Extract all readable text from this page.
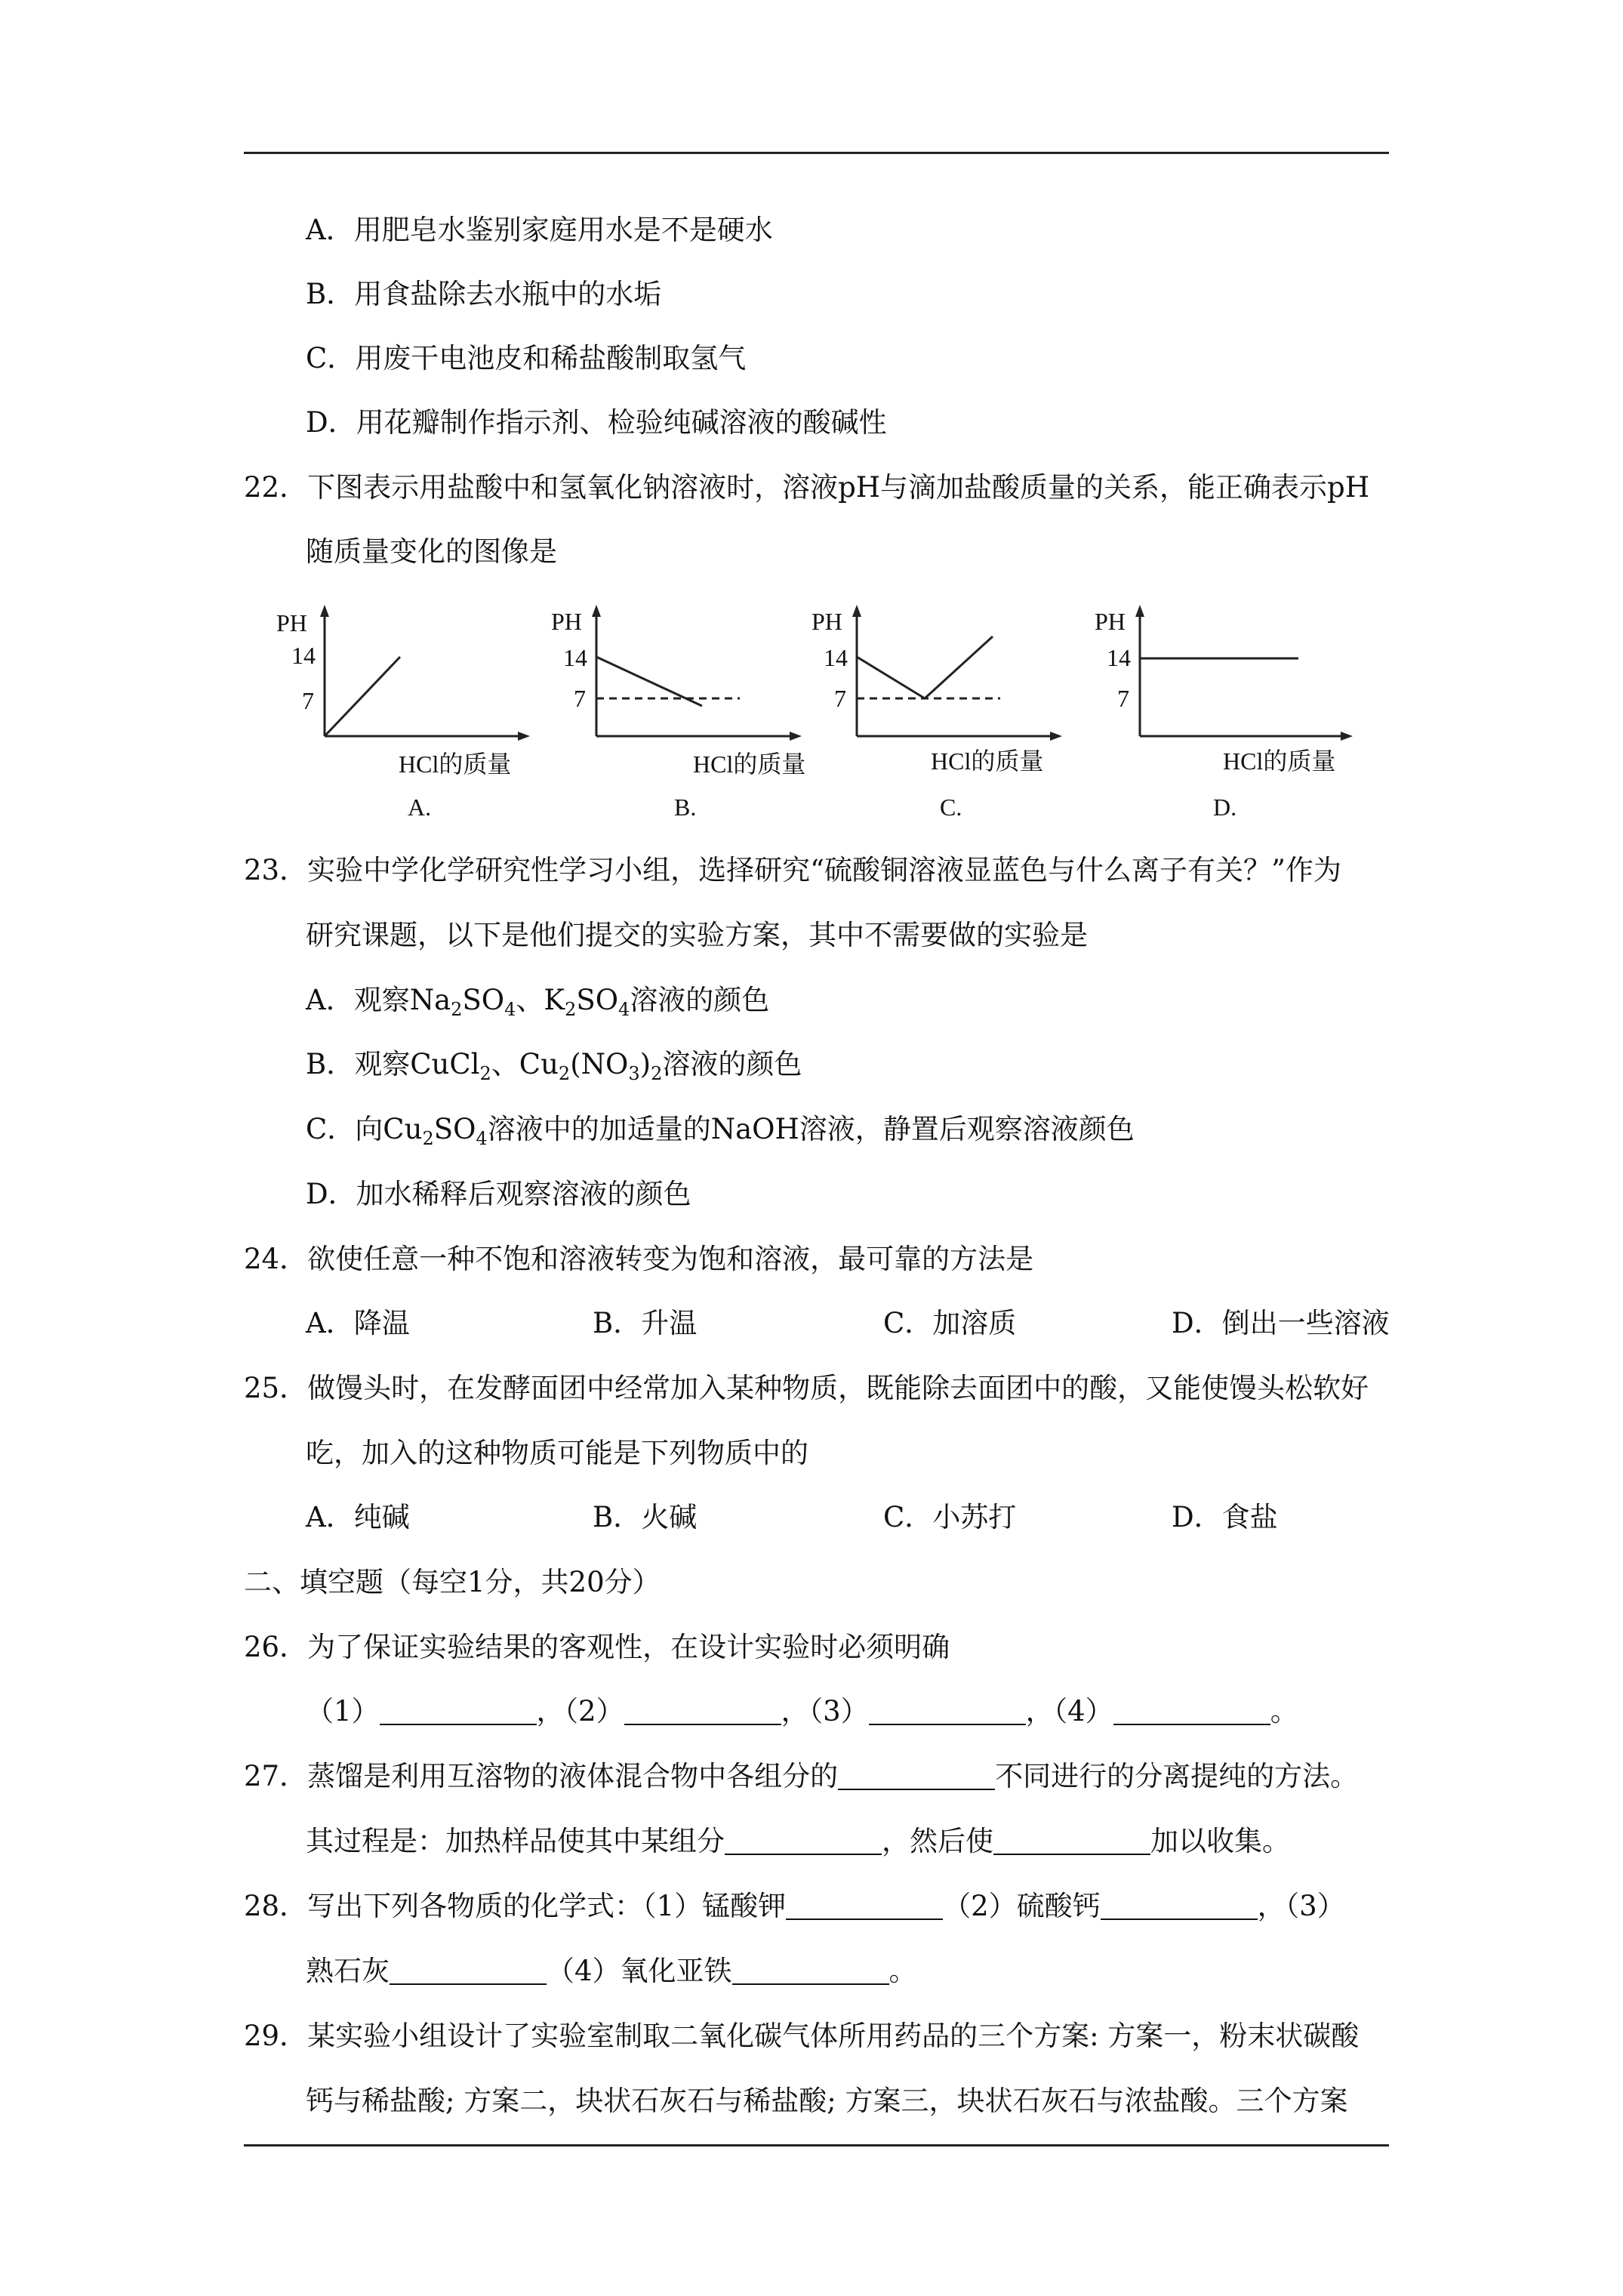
A．用肥皂水鉴别家庭用水是不是硬水
B．用食盐除去水瓶中的水垢
C．用废干电池皮和稀盐酸制取氢气
D．用花瓣制作指示剂、检验纯碱溶液的酸碱性
22．下图表示用盐酸中和氢氧化钠溶液时，溶液pH与滴加盐酸质量的关系，能正确表示pH
随质量变化的图像是
PH
14
7
HCl的质量
A.
PH
14
7
HCl的质量
B.
PH
14
7
HCl的质量
C.
PH
14
7
HCl的质量
D.
23．实验中学化学研究性学习小组，选择研究“硫酸铜溶液显蓝色与什么离子有关？”作为
研究课题，以下是他们提交的实验方案，其中不需要做的实验是
A．观察$Na_2SO_4$、$K_2SO_4$溶液的颜色
B．观察CuCl$_2$、$Cu_2(NO_3)_2$溶液的颜色
C．向$Cu_2SO_4$溶液中的加适量的NaOH溶液，静置后观察溶液颜色
D．加水稀释后观察溶液的颜色
24．欲使任意一种不饱和溶液转变为饱和溶液，最可靠的方法是
A．降温	B．升温	C．加溶质	D．倒出一些溶液
25．做馒头时，在发酵面团中经常加入某种物质，既能除去面团中的酸，又能使馒头松软好
吃，加入的这种物质可能是下列物质中的
A．纯碱	B．火碱	C．小苏打	D．食盐
二、填空题（每空1分，共20分）
26．为了保证实验结果的客观性，在设计实验时必须明确
（1）	，（2）	，（3）	，（4）	。
27．蒸馏是利用互溶物的液体混合物中各组分的	不同进行的分离提纯的方法。
其过程是：加热样品使其中某组分	，然后使	加以收集。
28．写出下列各物质的化学式：（1）锰酸钾	（2）硫酸钙	，（3）
熟石灰	（4）氧化亚铁	。
29．某实验小组设计了实验室制取二氧化碳气体所用药品的三个方案: 方案一，粉末状碳酸
钙与稀盐酸; 方案二，块状石灰石与稀盐酸; 方案三，块状石灰石与浓盐酸。三个方案
